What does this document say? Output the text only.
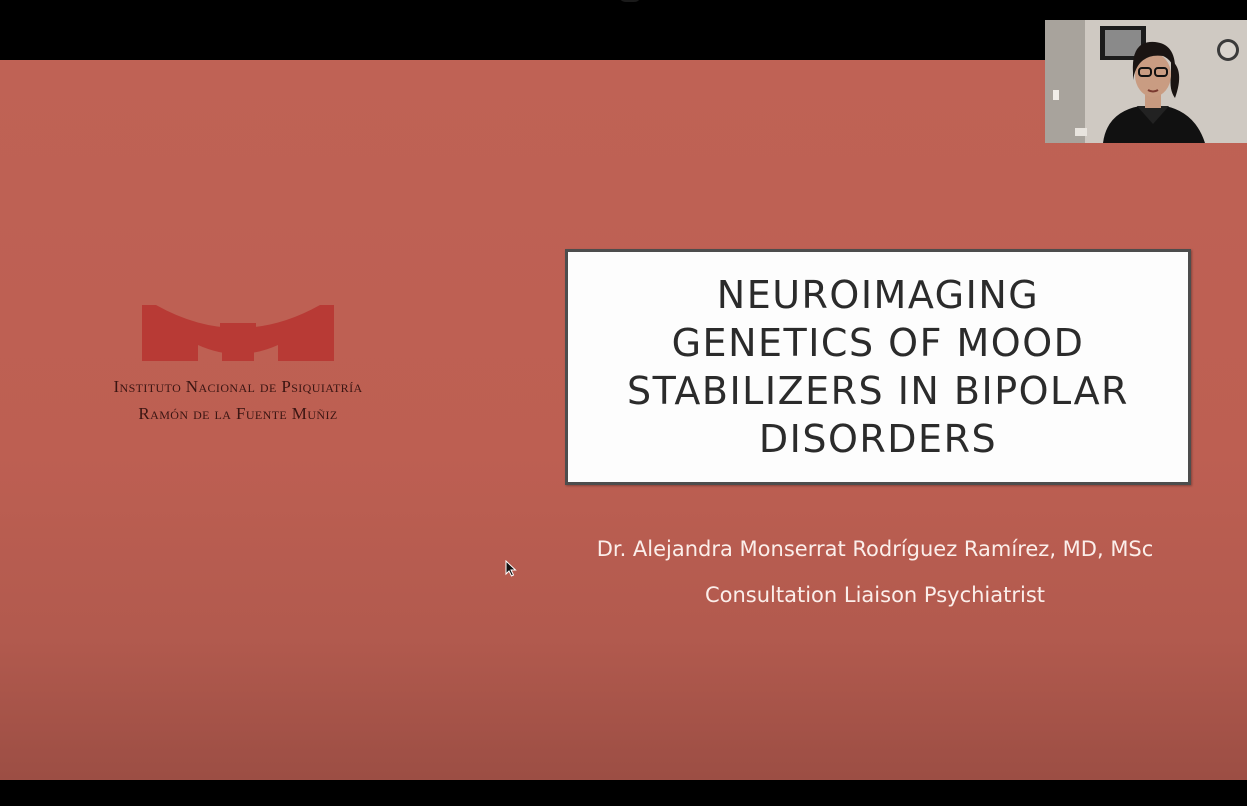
Instituto Nacional de Psiquiatría
Ramón de la Fuente Muñiz
NEUROIMAGING
GENETICS OF MOOD
STABILIZERS IN BIPOLAR
DISORDERS
Dr. Alejandra Monserrat Rodríguez Ramírez, MD, MSc
Consultation Liaison Psychiatrist
